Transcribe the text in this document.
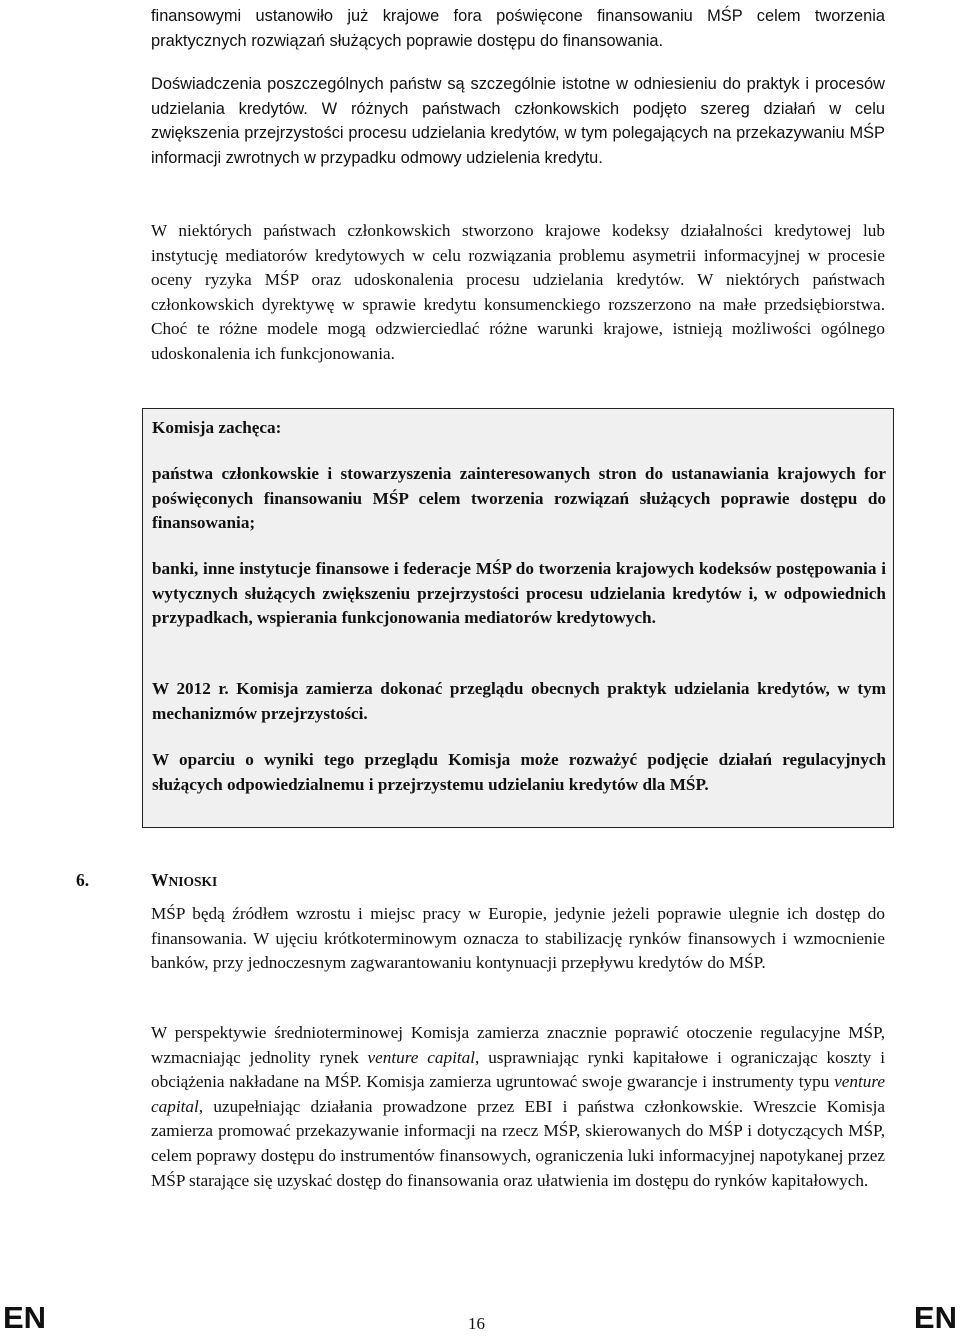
finansowymi ustanowiło już krajowe fora poświęcone finansowaniu MŚP celem tworzenia praktycznych rozwiązań służących poprawie dostępu do finansowania.

Doświadczenia poszczególnych państw są szczególnie istotne w odniesieniu do praktyk i procesów udzielania kredytów. W różnych państwach członkowskich podjęto szereg działań w celu zwiększenia przejrzystości procesu udzielania kredytów, w tym polegających na przekazywaniu MŚP informacji zwrotnych w przypadku odmowy udzielenia kredytu.

W niektórych państwach członkowskich stworzono krajowe kodeksy działalności kredytowej lub instytucję mediatorów kredytowych w celu rozwiązania problemu asymetrii informacyjnej w procesie oceny ryzyka MŚP oraz udoskonalenia procesu udzielania kredytów. W niektórych państwach członkowskich dyrektywę w sprawie kredytu konsumenckiego rozszerzono na małe przedsiębiorstwa. Choć te różne modele mogą odzwierciedlać różne warunki krajowe, istnieją możliwości ogólnego udoskonalenia ich funkcjonowania.

Komisja zachęca:

państwa członkowskie i stowarzyszenia zainteresowanych stron do ustanawiania krajowych for poświęconych finansowaniu MŚP celem tworzenia rozwiązań służących poprawie dostępu do finansowania;

banki, inne instytucje finansowe i federacje MŚP do tworzenia krajowych kodeksów postępowania i wytycznych służących zwiększeniu przejrzystości procesu udzielania kredytów i, w odpowiednich przypadkach, wspierania funkcjonowania mediatorów kredytowych.

W 2012 r. Komisja zamierza dokonać przeglądu obecnych praktyk udzielania kredytów, w tym mechanizmów przejrzystości.

W oparciu o wyniki tego przeglądu Komisja może rozważyć podjęcie działań regulacyjnych służących odpowiedzialnemu i przejrzystemu udzielaniu kredytów dla MŚP.

6.	WNIOSKI

MŚP będą źródłem wzrostu i miejsc pracy w Europie, jedynie jeżeli poprawie ulegnie ich dostęp do finansowania. W ujęciu krótkoterminowym oznacza to stabilizację rynków finansowych i wzmocnienie banków, przy jednoczesnym zagwarantowaniu kontynuacji przepływu kredytów do MŚP.

W perspektywie średnioterminowej Komisja zamierza znacznie poprawić otoczenie regulacyjne MŚP, wzmacniając jednolity rynek venture capital, usprawniając rynki kapitałowe i ograniczając koszty i obciążenia nakładane na MŚP. Komisja zamierza ugruntować swoje gwarancje i instrumenty typu venture capital, uzupełniając działania prowadzone przez EBI i państwa członkowskie. Wreszcie Komisja zamierza promować przekazywanie informacji na rzecz MŚP, skierowanych do MŚP i dotyczących MŚP, celem poprawy dostępu do instrumentów finansowych, ograniczenia luki informacyjnej napotykanej przez MŚP starające się uzyskać dostęp do finansowania oraz ułatwienia im dostępu do rynków kapitałowych.

EN	16	EN
